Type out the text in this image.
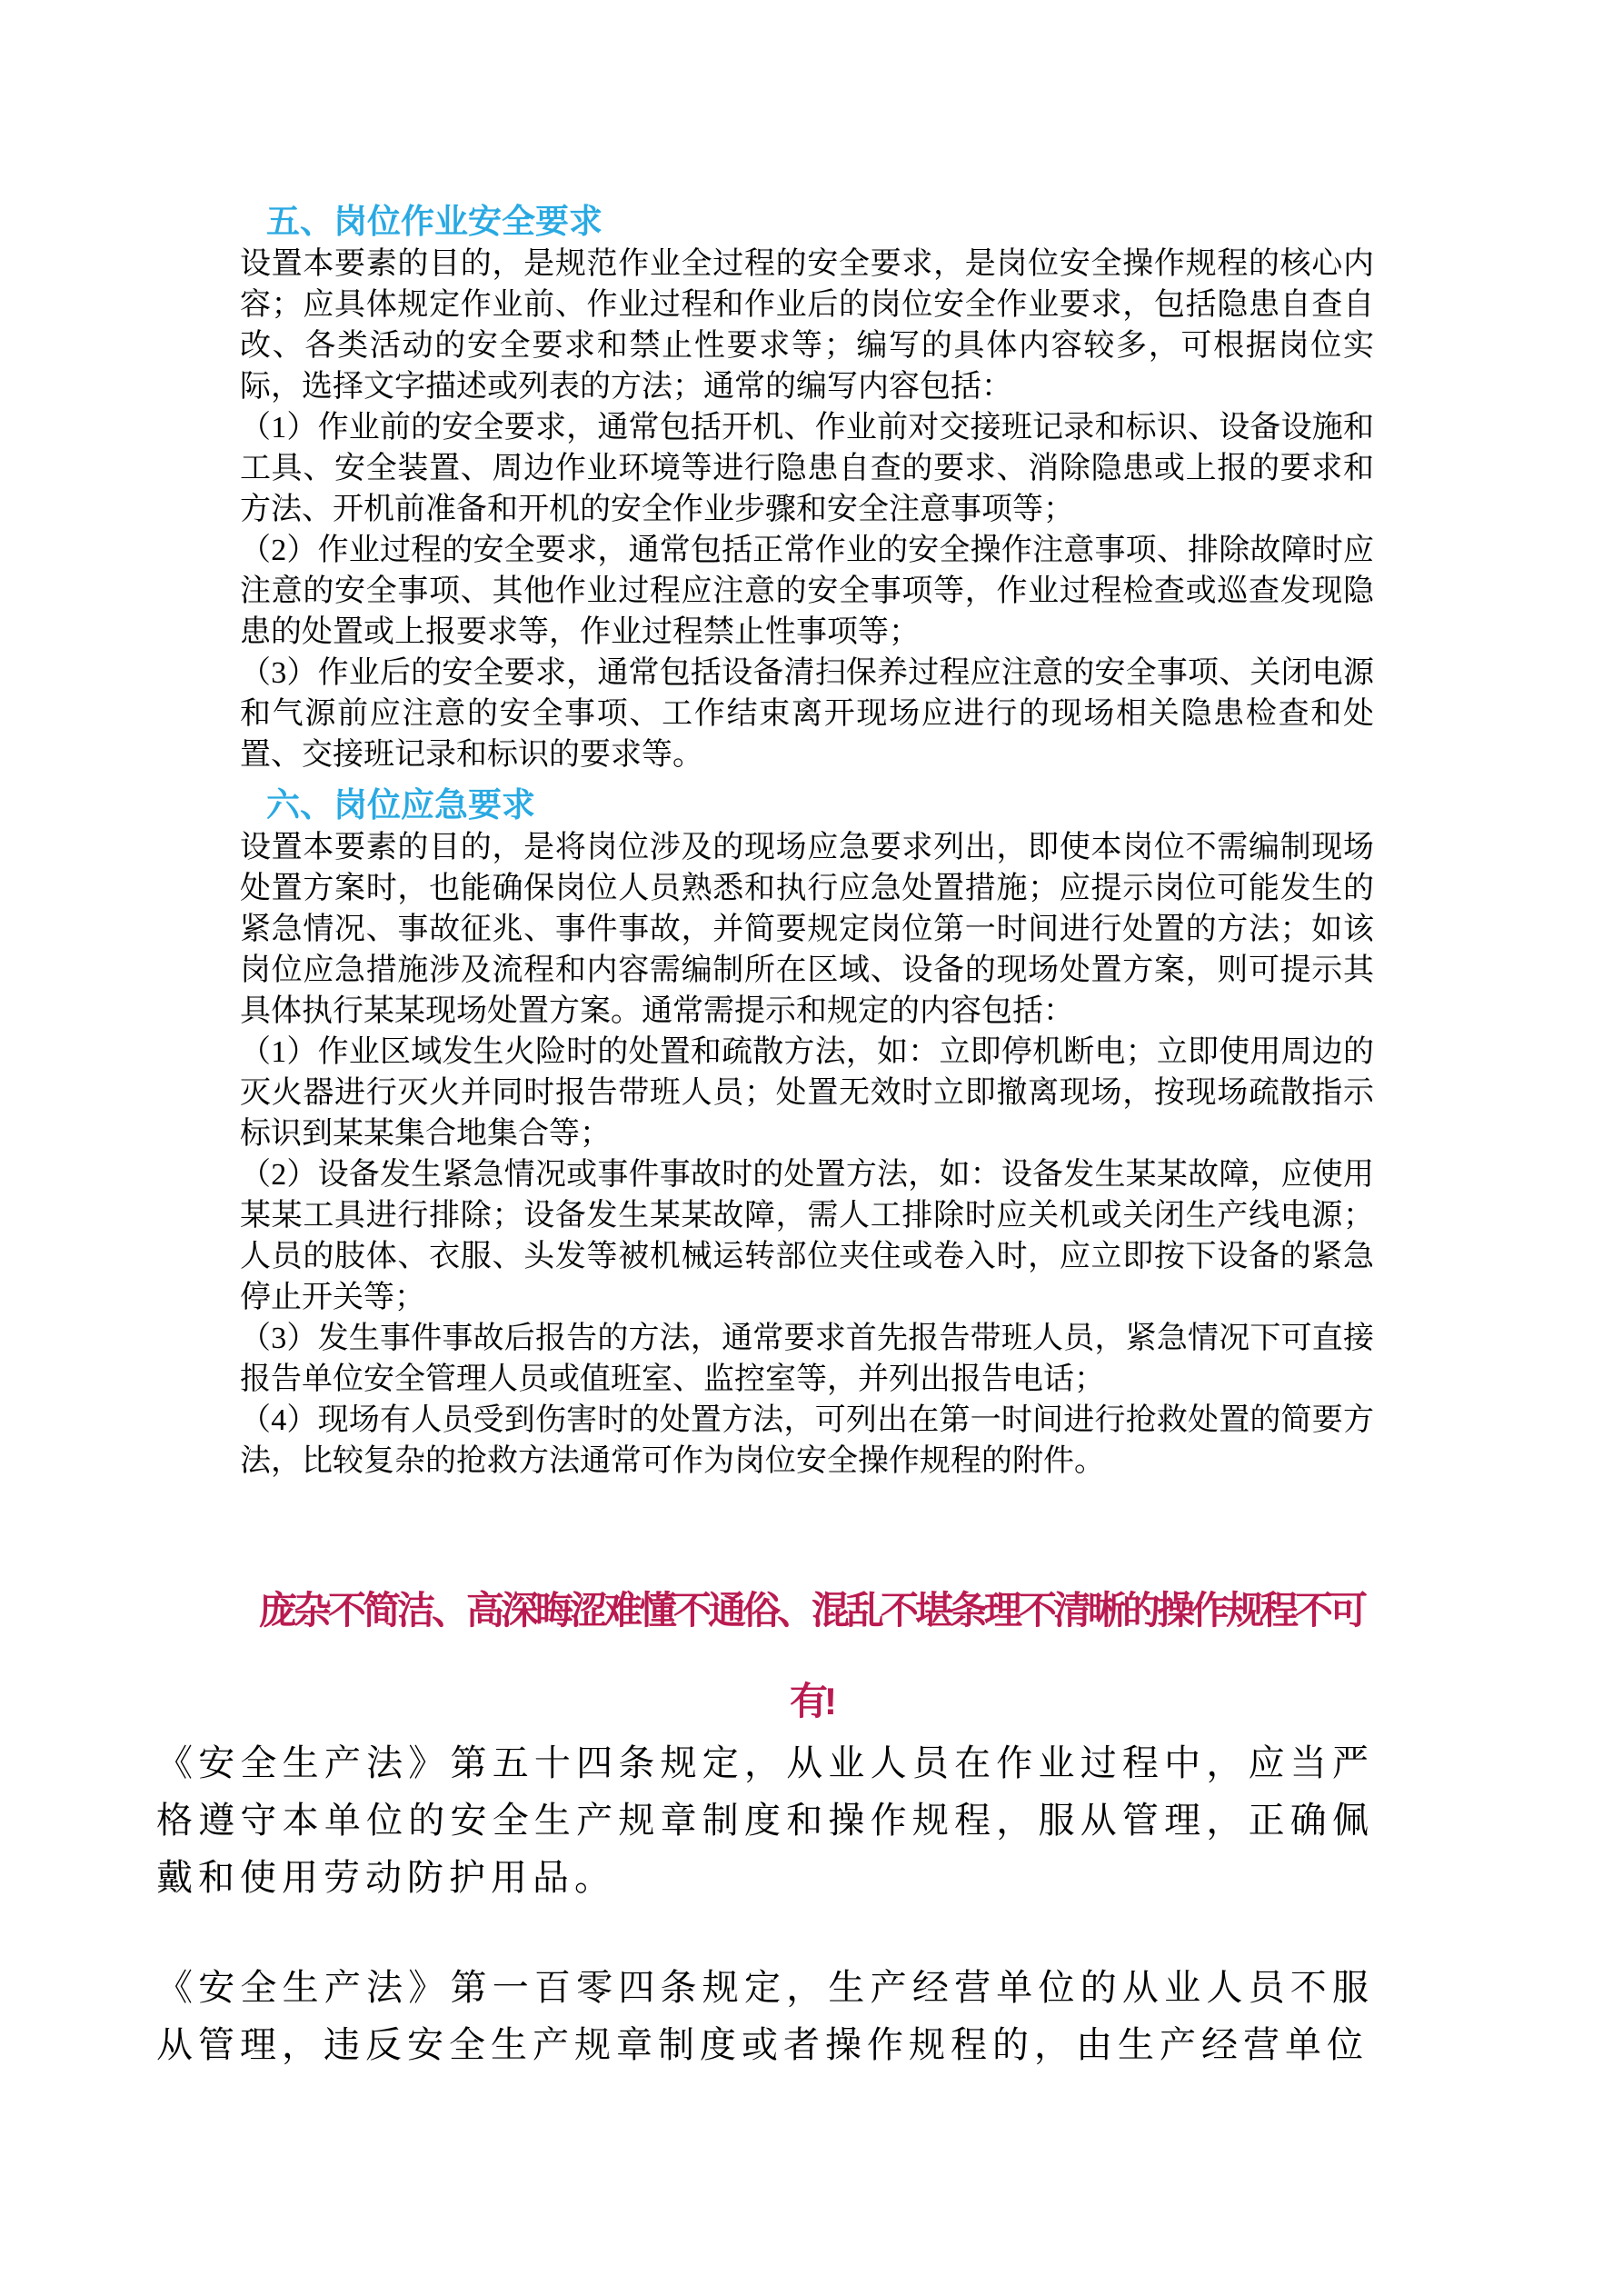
五、岗位作业安全要求

设置本要素的目的，是规范作业全过程的安全要求，是岗位安全操作规程的核心内容；应具体规定作业前、作业过程和作业后的岗位安全作业要求，包括隐患自查自改、各类活动的安全要求和禁止性要求等；编写的具体内容较多，可根据岗位实际，选择文字描述或列表的方法；通常的编写内容包括：

（1）作业前的安全要求，通常包括开机、作业前对交接班记录和标识、设备设施和工具、安全装置、周边作业环境等进行隐患自查的要求、消除隐患或上报的要求和方法、开机前准备和开机的安全作业步骤和安全注意事项等；

（2）作业过程的安全要求，通常包括正常作业的安全操作注意事项、排除故障时应注意的安全事项、其他作业过程应注意的安全事项等，作业过程检查或巡查发现隐患的处置或上报要求等，作业过程禁止性事项等；

（3）作业后的安全要求，通常包括设备清扫保养过程应注意的安全事项、关闭电源和气源前应注意的安全事项、工作结束离开现场应进行的现场相关隐患检查和处置、交接班记录和标识的要求等。

六、岗位应急要求

设置本要素的目的，是将岗位涉及的现场应急要求列出，即使本岗位不需编制现场处置方案时，也能确保岗位人员熟悉和执行应急处置措施；应提示岗位可能发生的紧急情况、事故征兆、事件事故，并简要规定岗位第一时间进行处置的方法；如该岗位应急措施涉及流程和内容需编制所在区域、设备的现场处置方案，则可提示其具体执行某某现场处置方案。通常需提示和规定的内容包括：

（1）作业区域发生火险时的处置和疏散方法，如：立即停机断电；立即使用周边的灭火器进行灭火并同时报告带班人员；处置无效时立即撤离现场，按现场疏散指示标识到某某集合地集合等；

（2）设备发生紧急情况或事件事故时的处置方法，如：设备发生某某故障，应使用某某工具进行排除；设备发生某某故障，需人工排除时应关机或关闭生产线电源；人员的肢体、衣服、头发等被机械运转部位夹住或卷入时，应立即按下设备的紧急停止开关等；

（3）发生事件事故后报告的方法，通常要求首先报告带班人员，紧急情况下可直接报告单位安全管理人员或值班室、监控室等，并列出报告电话；

（4）现场有人员受到伤害时的处置方法，可列出在第一时间进行抢救处置的简要方法，比较复杂的抢救方法通常可作为岗位安全操作规程的附件。

庞杂不简洁、高深晦涩难懂不通俗、混乱不堪条理不清晰的操作规程不可
有!

《安全生产法》第五十四条规定，从业人员在作业过程中，应当严格遵守本单位的安全生产规章制度和操作规程，服从管理，正确佩戴和使用劳动防护用品。

《安全生产法》第一百零四条规定，生产经营单位的从业人员不服从管理，违反安全生产规章制度或者操作规程的，由生产经营单位
